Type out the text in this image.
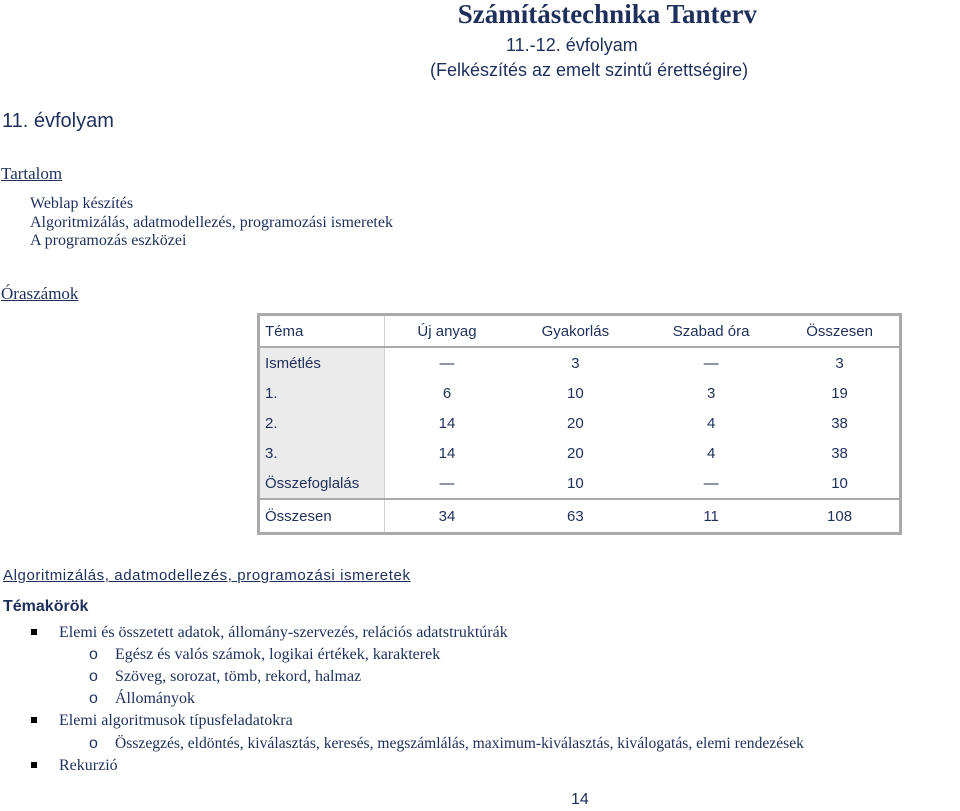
Számítástechnika Tanterv
11.-12. évfolyam
(Felkészítés az emelt szintű érettségire)
11. évfolyam
Tartalom
Weblap készítés
Algoritmizálás, adatmodellezés, programozási ismeretek
A programozás eszközei
Óraszámok
Téma	Új anyag	Gyakorlás	Szabad óra	Összesen
Ismétlés	—	3	—	3
1.	6	10	3	19
2.	14	20	4	38
3.	14	20	4	38
Összefoglalás	—	10	—	10
Összesen	34	63	11	108
Algoritmizálás, adatmodellezés, programozási ismeretek
Témakörök
Elemi és összetett adatok, állomány-szervezés, relációs adatstruktúrák
o Egész és valós számok, logikai értékek, karakterek
o Szöveg, sorozat, tömb, rekord, halmaz
o Állományok
Elemi algoritmusok típusfeladatokra
o Összegzés, eldöntés, kiválasztás, keresés, megszámlálás, maximum-kiválasztás, kiválogatás, elemi rendezések
Rekurzió
14
